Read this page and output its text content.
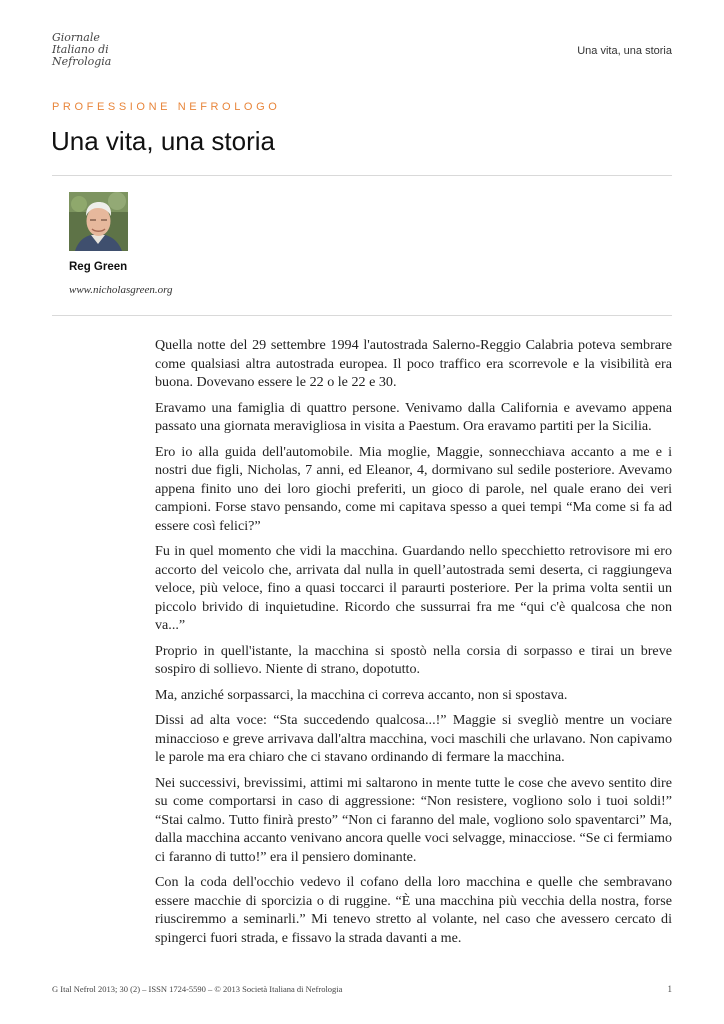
Giornale
Italiano di
Nefrologia
Una vita, una storia
PROFESSIONE NEFROLOGO
Una vita, una storia
Reg Green
www.nicholasgreen.org

Quella notte del 29 settembre 1994 l'autostrada Salerno-Reggio Calabria poteva sembrare come qualsiasi altra autostrada europea. Il poco traffico era scorrevole e la visibilità era buona. Dovevano essere le 22 o le 22 e 30.

Eravamo una famiglia di quattro persone. Venivamo dalla California e avevamo appena passato una giornata meravigliosa in visita a Paestum. Ora eravamo partiti per la Sicilia.

Ero io alla guida dell'automobile. Mia moglie, Maggie, sonnecchiava accanto a me e i nostri due figli, Nicholas, 7 anni, ed Eleanor, 4, dormivano sul sedile posteriore. Avevamo appena finito uno dei loro giochi preferiti, un gioco di parole, nel quale erano dei veri campioni. Forse stavo pensando, come mi capitava spesso a quei tempi “Ma come si fa ad essere così felici?”

Fu in quel momento che vidi la macchina. Guardando nello specchietto retrovisore mi ero accorto del veicolo che, arrivata dal nulla in quell’autostrada semi deserta, ci raggiungeva veloce, più veloce, fino a quasi toccarci il paraurti posteriore. Per la prima volta sentii un piccolo brivido di inquietudine. Ricordo che sussurrai fra me “qui c'è qualcosa che non va...”

Proprio in quell'istante, la macchina si spostò nella corsia di sorpasso e tirai un breve sospiro di sollievo. Niente di strano, dopotutto.

Ma, anziché sorpassarci, la macchina ci correva accanto, non si spostava.

Dissi ad alta voce: “Sta succedendo qualcosa...!” Maggie si svegliò mentre un vociare minaccioso e greve arrivava dall'altra macchina, voci maschili che urlavano. Non capivamo le parole ma era chiaro che ci stavano ordinando di fermare la macchina.

Nei successivi, brevissimi, attimi mi saltarono in mente tutte le cose che avevo sentito dire su come comportarsi in caso di aggressione: “Non resistere, vogliono solo i tuoi soldi!” “Stai calmo. Tutto finirà presto” “Non ci faranno del male, vogliono solo spaventarci” Ma, dalla macchina accanto venivano ancora quelle voci selvagge, minacciose. “Se ci fermiamo ci faranno di tutto!” era il pensiero dominante.

Con la coda dell'occhio vedevo il cofano della loro macchina e quelle che sembravano essere macchie di sporcizia o di ruggine. “È una macchina più vecchia della nostra, forse riusciremmo a seminarli.” Mi tenevo stretto al volante, nel caso che avessero cercato di spingerci fuori strada, e fissavo la strada davanti a me.

G Ital Nefrol 2013; 30 (2) – ISSN 1724-5590 – © 2013 Società Italiana di Nefrologia	1
